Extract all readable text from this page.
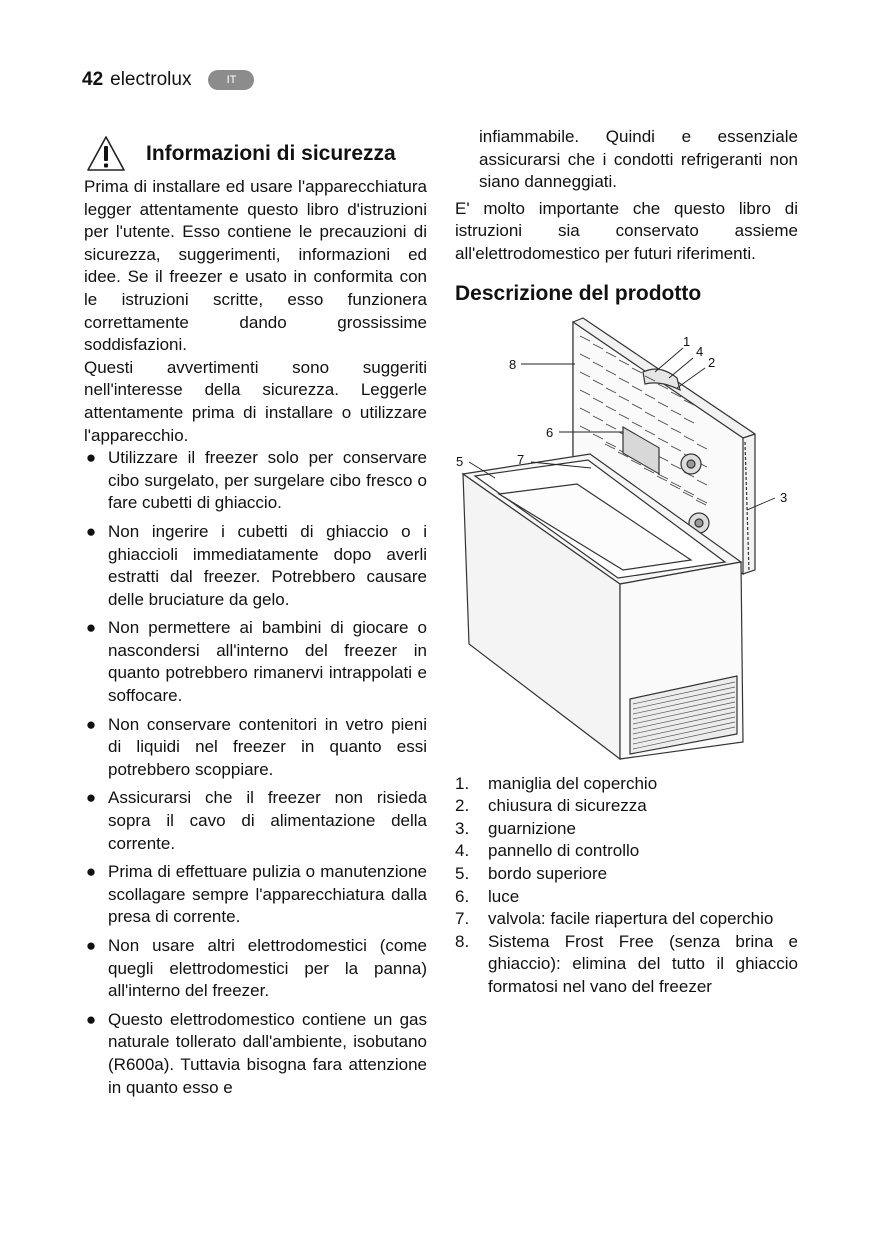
42 electrolux	IT
Informazioni di sicurezza

Prima di installare ed usare l'apparecchiatura legger attentamente questo libro d'istruzioni per l'utente. Esso contiene le precauzioni di sicurezza, suggerimenti, informazioni ed idee. Se il freezer e usato in conformita con le istruzioni scritte, esso funzionera correttamente dando grossissime soddisfazioni.

Questi avvertimenti sono suggeriti nell'interesse della sicurezza. Leggerle attentamente prima di installare o utilizzare l'apparecchio.

● Utilizzare il freezer solo per conservare cibo surgelato, per surgelare cibo fresco o fare cubetti di ghiaccio.
● Non ingerire i cubetti di ghiaccio o i ghiaccioli immediatamente dopo averli estratti dal freezer. Potrebbero causare delle bruciature da gelo.
● Non permettere ai bambini di giocare o nascondersi all'interno del freezer in quanto potrebbero rimanervi intrappolati e soffocare.
● Non conservare contenitori in vetro pieni di liquidi nel freezer in quanto essi potrebbero scoppiare.
● Assicurarsi che il freezer non risieda sopra il cavo di alimentazione della corrente.
● Prima di effettuare pulizia o manutenzione scollagare sempre l'apparecchiatura dalla presa di corrente.
● Non usare altri elettrodomestici (come quegli elettrodomestici per la panna) all'interno del freezer.
● Questo elettrodomestico contiene un gas naturale tollerato dall'ambiente, isobutano (R600a). Tuttavia bisogna fara attenzione in quanto esso e

infiammabile. Quindi e essenziale assicurarsi che i condotti refrigeranti non siano danneggiati.

E' molto importante che questo libro di istruzioni sia conservato assieme all'elettrodomestico per futuri riferimenti.

Descrizione del prodotto
1
4
2
8
6
5	7
3
1. maniglia del coperchio
2. chiusura di sicurezza
3. guarnizione
4. pannello di controllo
5. bordo superiore
6. luce
7. valvola: facile riapertura del coperchio
8. Sistema Frost Free (senza brina e ghiaccio): elimina del tutto il ghiaccio formatosi nel vano del freezer
